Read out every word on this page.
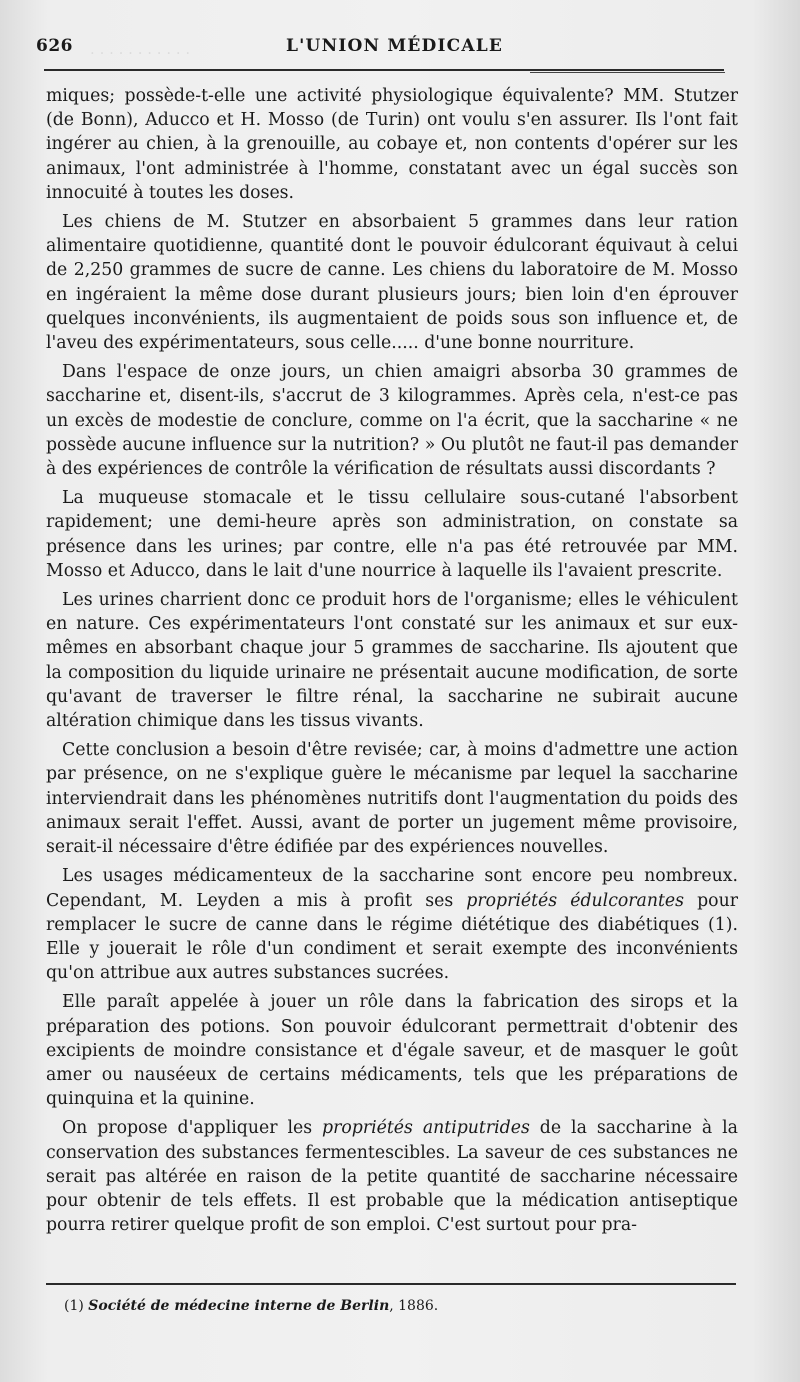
. . . . . . . . . . .
626	L'UNION MÉDICALE

miques; possède-t-elle une activité physiologique équivalente? MM. Stutzer (de Bonn), Aducco et H. Mosso (de Turin) ont voulu s'en assurer. Ils l'ont fait ingérer au chien, à la grenouille, au cobaye et, non contents d'opérer sur les animaux, l'ont administrée à l'homme, constatant avec un égal succès son innocuité à toutes les doses.

Les chiens de M. Stutzer en absorbaient 5 grammes dans leur ration alimentaire quotidienne, quantité dont le pouvoir édulcorant équivaut à celui de 2,250 grammes de sucre de canne. Les chiens du laboratoire de M. Mosso en ingéraient la même dose durant plusieurs jours; bien loin d'en éprouver quelques inconvénients, ils augmentaient de poids sous son influence et, de l'aveu des expérimentateurs, sous celle..... d'une bonne nourriture.

Dans l'espace de onze jours, un chien amaigri absorba 30 grammes de saccharine et, disent-ils, s'accrut de 3 kilogrammes. Après cela, n'est-ce pas un excès de modestie de conclure, comme on l'a écrit, que la saccharine « ne possède aucune influence sur la nutrition? » Ou plutôt ne faut-il pas demander à des expériences de contrôle la vérification de résultats aussi discordants ?

La muqueuse stomacale et le tissu cellulaire sous-cutané l'absorbent rapidement; une demi-heure après son administration, on constate sa présence dans les urines; par contre, elle n'a pas été retrouvée par MM. Mosso et Aducco, dans le lait d'une nourrice à laquelle ils l'avaient prescrite.

Les urines charrient donc ce produit hors de l'organisme; elles le véhiculent en nature. Ces expérimentateurs l'ont constaté sur les animaux et sur eux-mêmes en absorbant chaque jour 5 grammes de saccharine. Ils ajoutent que la composition du liquide urinaire ne présentait aucune modification, de sorte qu'avant de traverser le filtre rénal, la saccharine ne subirait aucune altération chimique dans les tissus vivants.

Cette conclusion a besoin d'être revisée; car, à moins d'admettre une action par présence, on ne s'explique guère le mécanisme par lequel la saccharine interviendrait dans les phénomènes nutritifs dont l'augmentation du poids des animaux serait l'effet. Aussi, avant de porter un jugement même provisoire, serait-il nécessaire d'être édifiée par des expériences nouvelles.

Les usages médicamenteux de la saccharine sont encore peu nombreux. Cependant, M. Leyden a mis à profit ses propriétés édulcorantes pour remplacer le sucre de canne dans le régime diététique des diabétiques (1). Elle y jouerait le rôle d'un condiment et serait exempte des inconvénients qu'on attribue aux autres substances sucrées.

Elle paraît appelée à jouer un rôle dans la fabrication des sirops et la préparation des potions. Son pouvoir édulcorant permettrait d'obtenir des excipients de moindre consistance et d'égale saveur, et de masquer le goût amer ou nauséeux de certains médicaments, tels que les préparations de quinquina et la quinine.

On propose d'appliquer les propriétés antiputrides de la saccharine à la conservation des substances fermentescibles. La saveur de ces substances ne serait pas altérée en raison de la petite quantité de saccharine nécessaire pour obtenir de tels effets. Il est probable que la médication antiseptique pourra retirer quelque profit de son emploi. C'est surtout pour pra-

(1) Société de médecine interne de Berlin, 1886.
